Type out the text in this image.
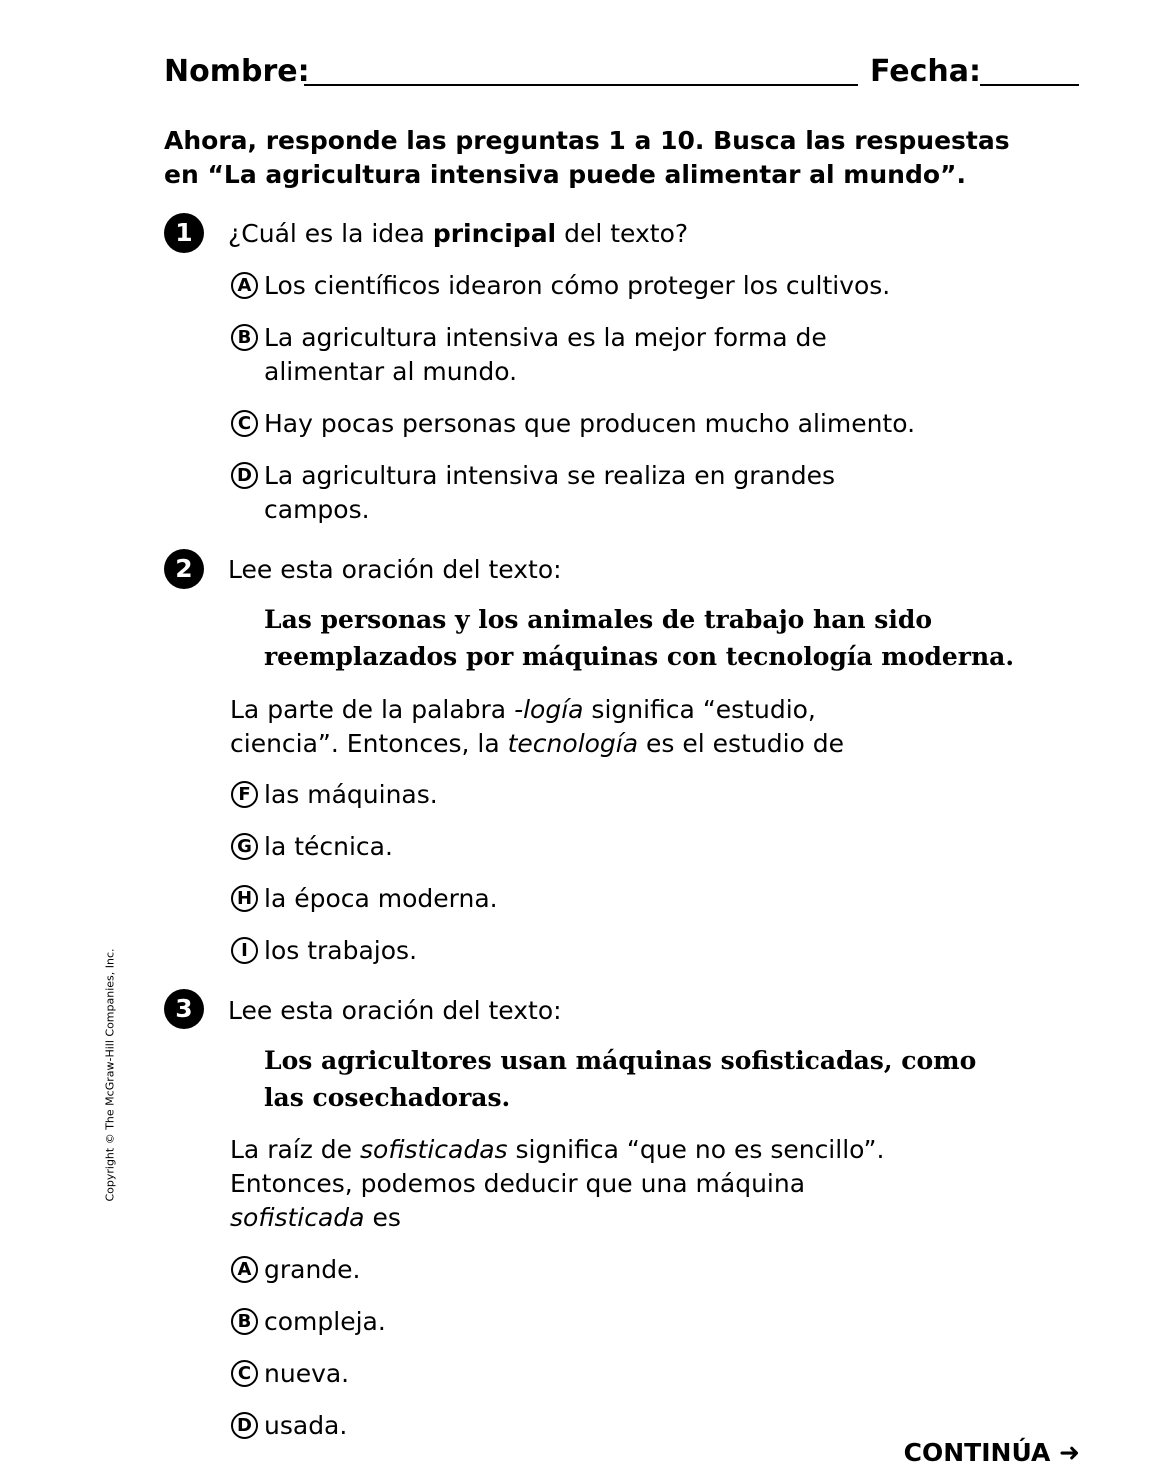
Nombre:	Fecha:
Ahora, responde las preguntas 1 a 10. Busca las respuestas
en “La agricultura intensiva puede alimentar al mundo”.
1	¿Cuál es la idea principal del texto?
A Los científicos idearon cómo proteger los cultivos.
B La agricultura intensiva es la mejor forma de
alimentar al mundo.
C Hay pocas personas que producen mucho alimento.
D La agricultura intensiva se realiza en grandes
campos.
2	Lee esta oración del texto:
Las personas y los animales de trabajo han sido
reemplazados por máquinas con tecnología moderna.
La parte de la palabra -logía significa “estudio,
ciencia”. Entonces, la tecnología es el estudio de
F las máquinas.
G la técnica.
H la época moderna.
I los trabajos.
3	Lee esta oración del texto:
Los agricultores usan máquinas sofisticadas, como
las cosechadoras.
La raíz de sofisticadas significa “que no es sencillo”.
Entonces, podemos deducir que una máquina
sofisticada es
A grande.
B compleja.
C nueva.
D usada.
Copyright © The McGraw-Hill Companies, Inc.
CONTINÚA ➜
